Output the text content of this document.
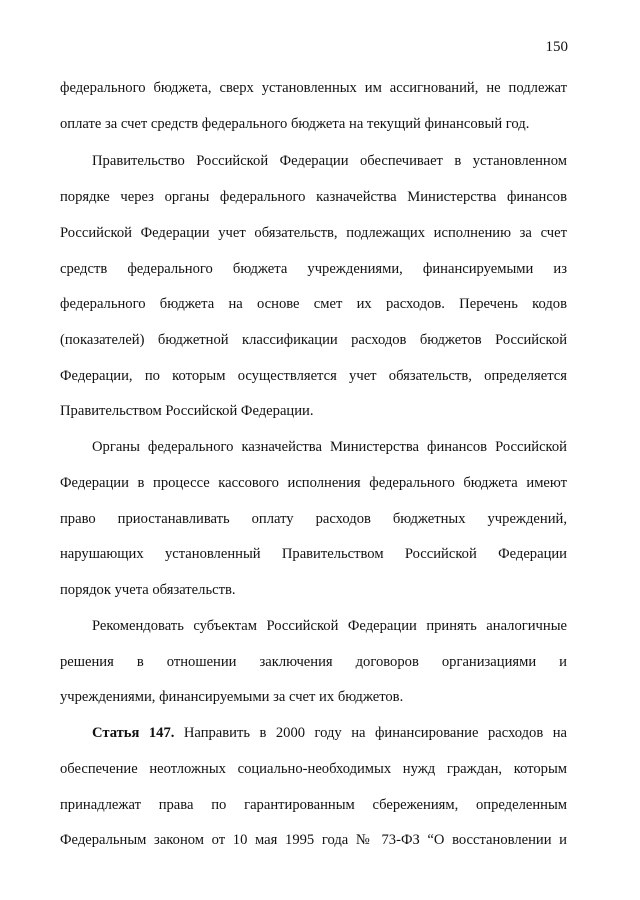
150
федерального бюджета, сверх установленных им ассигнований, не подлежат
оплате за счет средств федерального бюджета на текущий финансовый год.
Правительство Российской Федерации обеспечивает в установленном
порядке через органы федерального казначейства Министерства финансов
Российской Федерации учет обязательств, подлежащих исполнению за счет
средств федерального бюджета учреждениями, финансируемыми из
федерального бюджета на основе смет их расходов. Перечень кодов
(показателей) бюджетной классификации расходов бюджетов Российской
Федерации, по которым осуществляется учет обязательств, определяется
Правительством Российской Федерации.
Органы федерального казначейства Министерства финансов Российской
Федерации в процессе кассового исполнения федерального бюджета имеют
право приостанавливать оплату расходов бюджетных учреждений,
нарушающих установленный Правительством Российской Федерации
порядок учета обязательств.
Рекомендовать субъектам Российской Федерации принять аналогичные
решения в отношении заключения договоров организациями и
учреждениями, финансируемыми за счет их бюджетов.
Статья 147. Направить в 2000 году на финансирование расходов на
обеспечение неотложных социально-необходимых нужд граждан, которым
принадлежат права по гарантированным сбережениям, определенным
Федеральным законом от 10 мая 1995 года № 73-ФЗ “О восстановлении и
